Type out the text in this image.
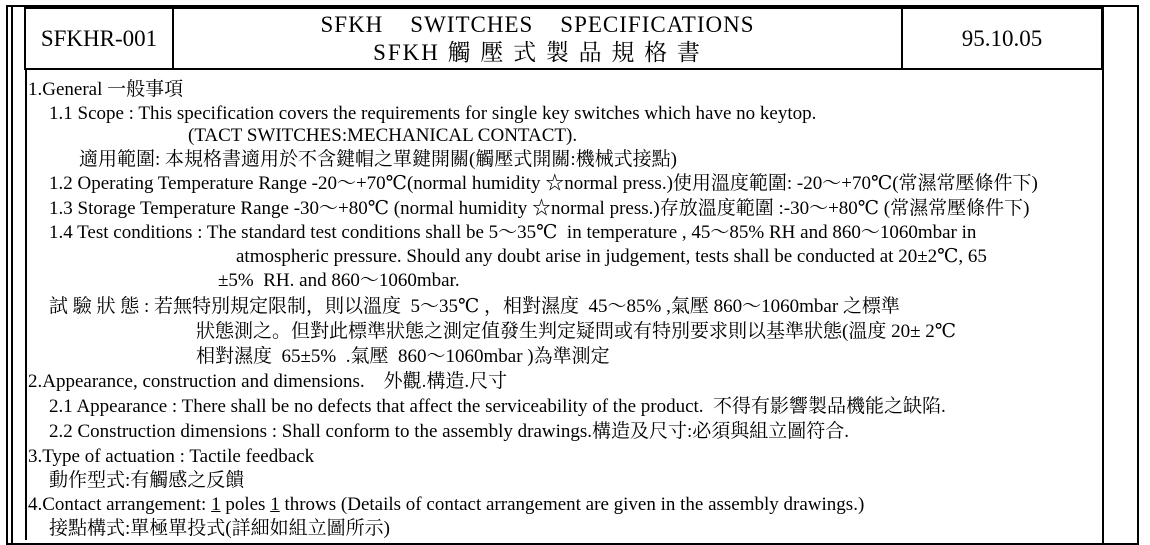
SFKHR-001
SFKH    SWITCHES    SPECIFICATIONS
SFKH 觸 壓 式 製 品 規 格 書
95.10.05
1.General 一般事項
1.1 Scope : This specification covers the requirements for single key switches which have no keytop.
(TACT SWITCHES:MECHANICAL CONTACT).
適用範圍: 本規格書適用於不含鍵帽之單鍵開關(觸壓式開關:機械式接點)
1.2 Operating Temperature Range -20～+70℃(normal humidity ☆normal press.)使用溫度範圍: -20～+70℃(常濕常壓條件下)
1.3 Storage Temperature Range -30～+80℃ (normal humidity ☆normal press.)存放溫度範圍 :-30～+80℃ (常濕常壓條件下)
1.4 Test conditions : The standard test conditions shall be 5～35℃  in temperature , 45～85% RH and 860～1060mbar in
atmospheric pressure. Should any doubt arise in judgement, tests shall be conducted at 20±2℃, 65
±5%  RH. and 860～1060mbar.
試 驗 狀 態 : 若無特別規定限制，則以溫度  5～35℃ ，相對濕度  45～85% ,氣壓 860～1060mbar 之標準
狀態測之。但對此標準狀態之測定值發生判定疑問或有特別要求則以基準狀態(溫度 20± 2℃
相對濕度  65±5%  .氣壓  860～1060mbar )為準測定
2.Appearance, construction and dimensions.    外觀.構造.尺寸
2.1 Appearance : There shall be no defects that affect the serviceability of the product.  不得有影響製品機能之缺陷.
2.2 Construction dimensions : Shall conform to the assembly drawings.構造及尺寸:必須與組立圖符合.
3.Type of actuation : Tactile feedback
動作型式:有觸感之反饋
4.Contact arrangement: 1 poles 1 throws (Details of contact arrangement are given in the assembly drawings.)
接點構式:單極單投式(詳細如組立圖所示)
